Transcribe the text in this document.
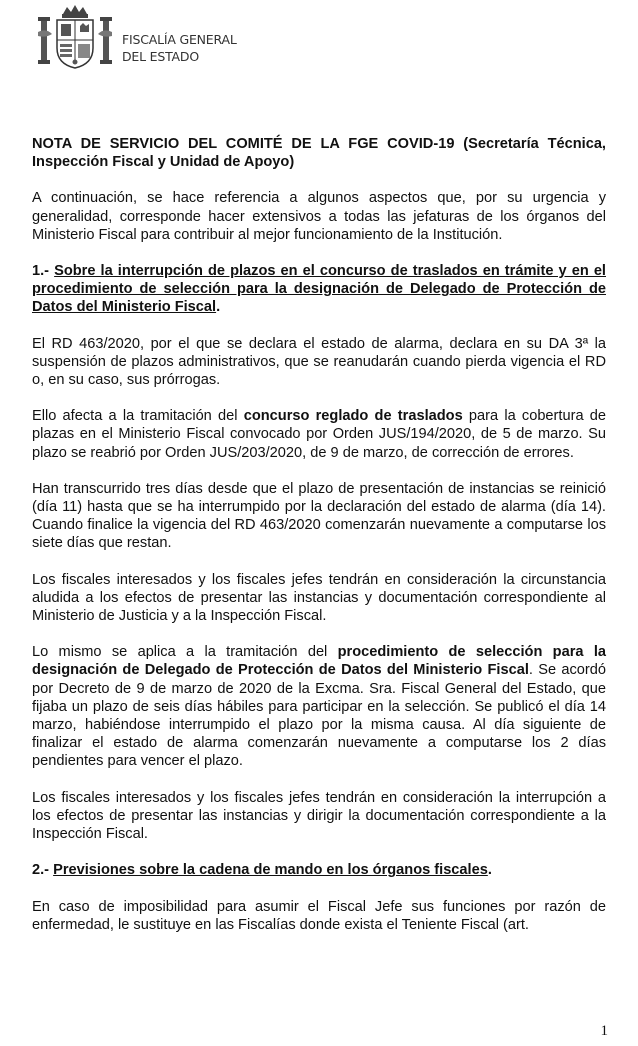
FISCALÍA GENERAL
DEL ESTADO

NOTA DE SERVICIO DEL COMITÉ DE LA FGE COVID-19 (Secretaría Técnica, Inspección Fiscal y Unidad de Apoyo)

A continuación, se hace referencia a algunos aspectos que, por su urgencia y generalidad, corresponde hacer extensivos a todas las jefaturas de los órganos del Ministerio Fiscal para contribuir al mejor funcionamiento de la Institución.

1.- Sobre la interrupción de plazos en el concurso de traslados en trámite y en el procedimiento de selección para la designación de Delegado de Protección de Datos del Ministerio Fiscal.

El RD 463/2020, por el que se declara el estado de alarma, declara en su DA 3ª la suspensión de plazos administrativos, que se reanudarán cuando pierda vigencia el RD o, en su caso, sus prórrogas.

Ello afecta a la tramitación del concurso reglado de traslados para la cobertura de plazas en el Ministerio Fiscal convocado por Orden JUS/194/2020, de 5 de marzo. Su plazo se reabrió por Orden JUS/203/2020, de 9 de marzo, de corrección de errores.

Han transcurrido tres días desde que el plazo de presentación de instancias se reinició (día 11) hasta que se ha interrumpido por la declaración del estado de alarma (día 14). Cuando finalice la vigencia del RD 463/2020 comenzarán nuevamente a computarse los siete días que restan.

Los fiscales interesados y los fiscales jefes tendrán en consideración la circunstancia aludida a los efectos de presentar las instancias y documentación correspondiente al Ministerio de Justicia y a la Inspección Fiscal.

Lo mismo se aplica a la tramitación del procedimiento de selección para la designación de Delegado de Protección de Datos del Ministerio Fiscal. Se acordó por Decreto de 9 de marzo de 2020 de la Excma. Sra. Fiscal General del Estado, que fijaba un plazo de seis días hábiles para participar en la selección. Se publicó el día 14 marzo, habiéndose interrumpido el plazo por la misma causa. Al día siguiente de finalizar el estado de alarma comenzarán nuevamente a computarse los 2 días pendientes para vencer el plazo.

Los fiscales interesados y los fiscales jefes tendrán en consideración la interrupción a los efectos de presentar las instancias y dirigir la documentación correspondiente a la Inspección Fiscal.

2.- Previsiones sobre la cadena de mando en los órganos fiscales.

En caso de imposibilidad para asumir el Fiscal Jefe sus funciones por razón de enfermedad, le sustituye en las Fiscalías donde exista el Teniente Fiscal (art.

1
